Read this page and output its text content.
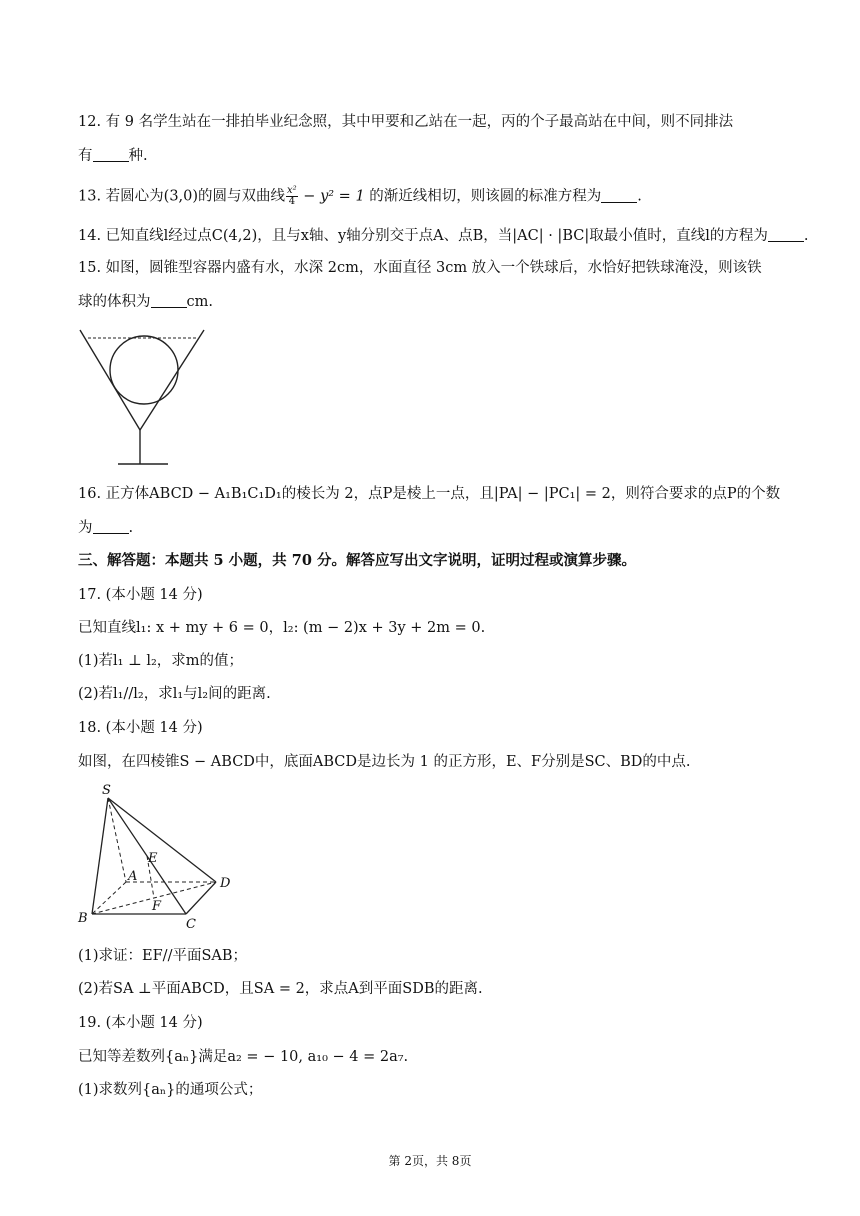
12. 有 9 名学生站在一排拍毕业纪念照，其中甲要和乙站在一起，丙的个子最高站在中间，则不同排法
有 种.
13. 若圆心为(3,0)的圆与双曲线 $\frac{\text{x²}}{4} - y^2 = 1$ 的渐近线相切，则该圆的标准方程为 .
14. 已知直线l经过点C(4,2)，且与x轴、y轴分别交于点A、点B，当|AC| · |BC|取最小值时，直线l的方程为 .
15. 如图，圆锥型容器内盛有水，水深 2cm，水面直径 3cm 放入一个铁球后，水恰好把铁球淹没，则该铁
球的体积为 cm.
16. 正方体ABCD − A₁B₁C₁D₁的棱长为 2，点P是棱上一点，且|PA| − |PC₁| = 2，则符合要求的点P的个数
为 .
三、解答题：本题共 5 小题，共 70 分。解答应写出文字说明，证明过程或演算步骤。
17. (本小题 14 分)
已知直线l₁: x + my + 6 = 0，l₂: (m − 2)x + 3y + 2m = 0.
(1)若l₁ ⊥ l₂，求m的值；
(2)若l₁//l₂，求l₁与l₂间的距离.
18. (本小题 14 分)
如图，在四棱锥S − ABCD中，底面ABCD是边长为 1 的正方形，E、F分别是SC、BD的中点.
S
E
A	D
F
B	C
(1)求证：EF//平面SAB；
(2)若SA ⊥平面ABCD，且SA = 2，求点A到平面SDB的距离.
19. (本小题 14 分)
已知等差数列{aₙ}满足a₂ = − 10, a₁₀ − 4 = 2a₇.
(1)求数列{aₙ}的通项公式；
第 2页，共 8页
